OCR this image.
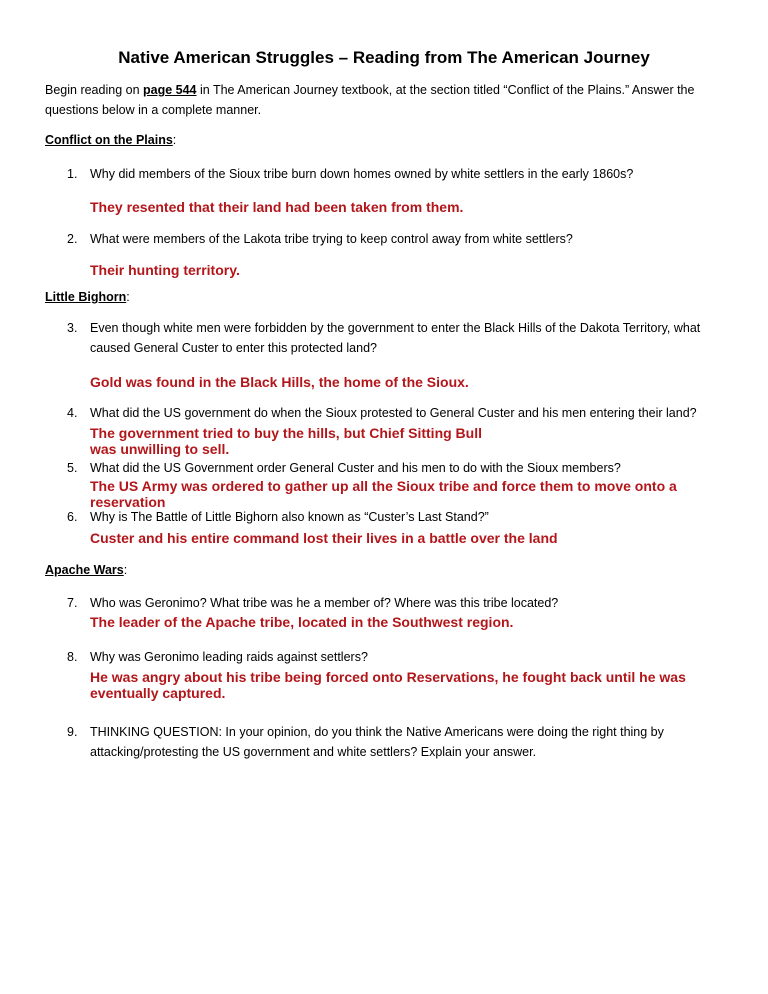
Native American Struggles – Reading from The American Journey
Begin reading on page 544 in The American Journey textbook, at the section titled “Conflict of the Plains.” Answer the questions below in a complete manner.
Conflict on the Plains:
1. Why did members of the Sioux tribe burn down homes owned by white settlers in the early 1860s?
They resented that their land had been taken from them.
2. What were members of the Lakota tribe trying to keep control away from white settlers?
Their hunting territory.
Little Bighorn:
3. Even though white men were forbidden by the government to enter the Black Hills of the Dakota Territory, what caused General Custer to enter this protected land?
Gold was found in the Black Hills, the home of the Sioux.
4. What did the US government do when the Sioux protested to General Custer and his men entering their land?
The government tried to buy the hills, but Chief Sitting Bull was unwilling to sell.
5. What did the US Government order General Custer and his men to do with the Sioux members?
The US Army was ordered to gather up all the Sioux tribe and force them to move onto a reservation
6. Why is The Battle of Little Bighorn also known as “Custer’s Last Stand?”
Custer and his entire command lost their lives in a battle over the land
Apache Wars:
7. Who was Geronimo? What tribe was he a member of? Where was this tribe located?
The leader of the Apache tribe, located in the Southwest region.
8. Why was Geronimo leading raids against settlers?
He was angry about his tribe being forced onto Reservations, he fought back until he was eventually captured.
9. THINKING QUESTION: In your opinion, do you think the Native Americans were doing the right thing by attacking/protesting the US government and white settlers? Explain your answer.
